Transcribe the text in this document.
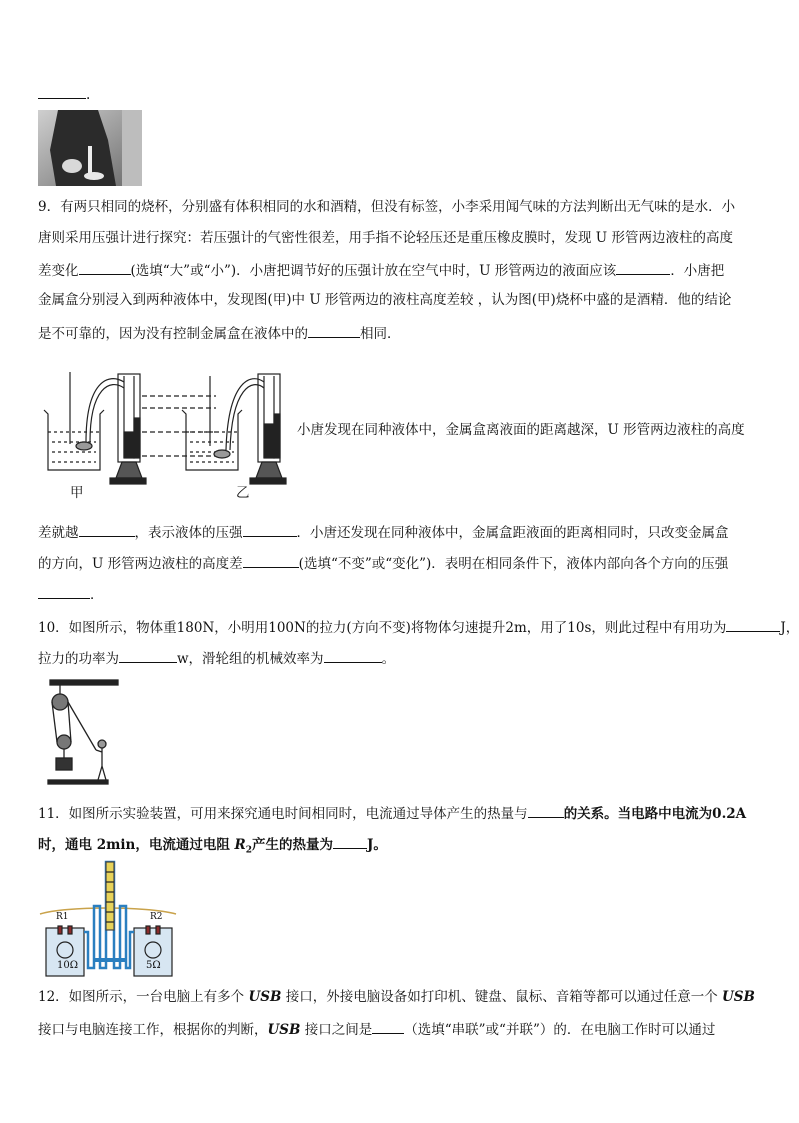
.
9．有两只相同的烧杯，分别盛有体积相同的水和酒精，但没有标签，小李采用闻气味的方法判断出无气味的是水．小
唐则采用压强计进行探究：若压强计的气密性很差，用手指不论轻压还是重压橡皮膜时，发现 U 形管两边液柱的高度
差变化	(选填“大”或“小”)．小唐把调节好的压强计放在空气中时，U 形管两边的液面应该	．小唐把
金属盒分别浸入到两种液体中，发现图(甲)中 U 形管两边的液柱高度差较 ，认为图(甲)烧杯中盛的是酒精．他的结论
是不可靠的，因为没有控制金属盒在液体中的	相同．
甲	乙
小唐发现在同种液体中，金属盒离液面的距离越深，U 形管两边液柱的高度
差就越	，表示液体的压强	．小唐还发现在同种液体中，金属盒距液面的距离相同时，只改变金属盒
的方向，U 形管两边液柱的高度差	(选填“不变”或“变化”)．表明在相同条件下，液体内部向各个方向的压强
．
10．如图所示，物体重180N，小明用100N的拉力(方向不变)将物体匀速提升2m，用了10s，则此过程中有用功为	J，
拉力的功率为	w，滑轮组的机械效率为	。
11．如图所示实验装置，可用来探究通电时间相同时，电流通过导体产生的热量与	的关系。当电路中电流为0.2A
时，通电 2min，电流通过电阻 $R_2$产生的热量为	J。
R1	R2
10Ω	5Ω
12．如图所示，一台电脑上有多个 USB 接口，外接电脑设备如打印机、键盘、鼠标、音箱等都可以通过任意一个 USB
接口与电脑连接工作，根据你的判断，USB 接口之间是 （选填“串联”或“并联”）的．在电脑工作时可以通过
